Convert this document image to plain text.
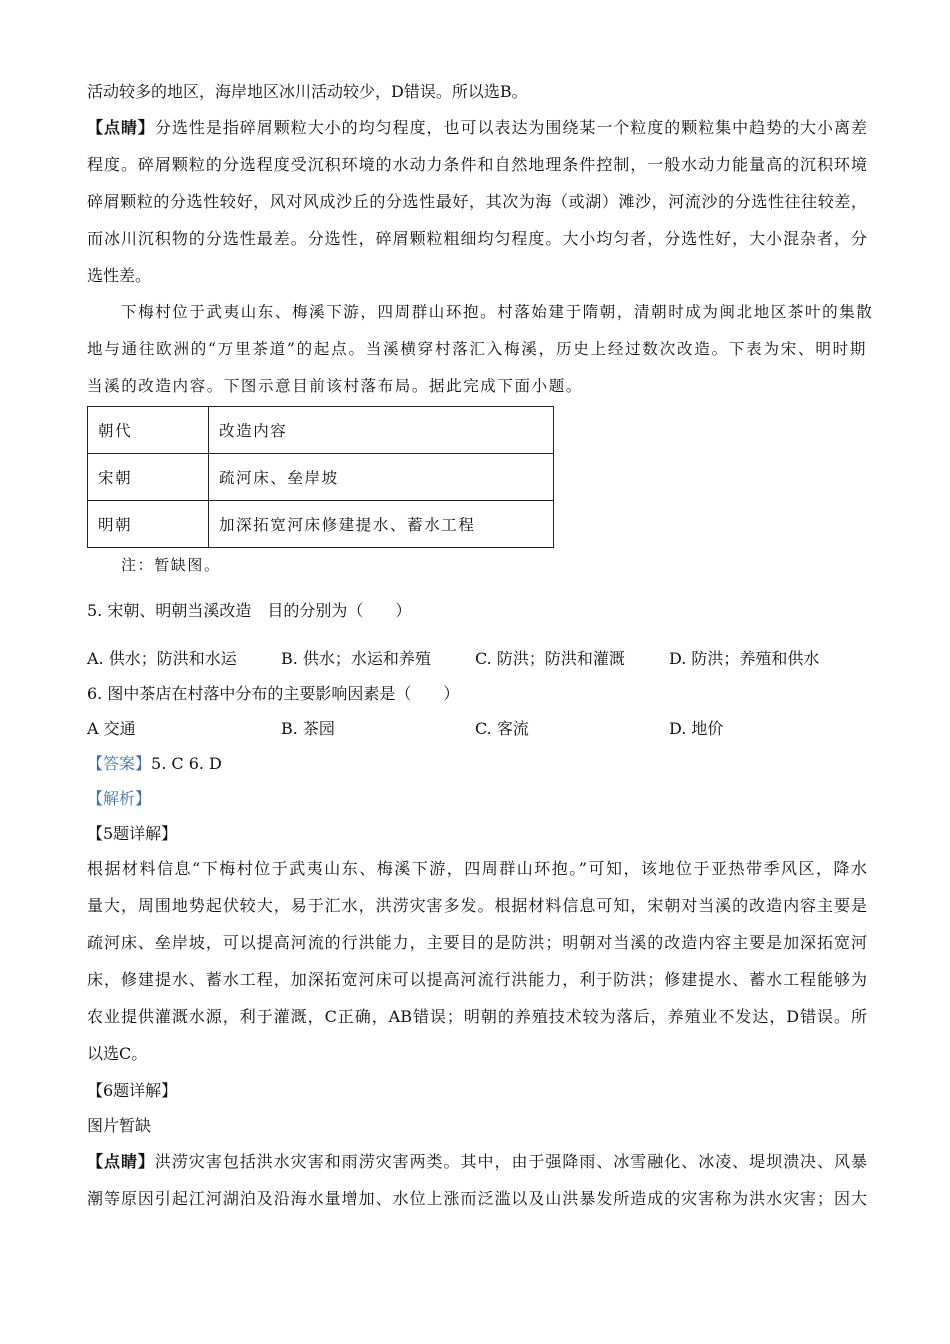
活动较多的地区，海岸地区冰川活动较少，D错误。所以选B。
【点睛】分选性是指碎屑颗粒大小的均匀程度，也可以表达为围绕某一个粒度的颗粒集中趋势的大小离差
程度。碎屑颗粒的分选程度受沉积环境的水动力条件和自然地理条件控制，一般水动力能量高的沉积环境
碎屑颗粒的分选性较好，风对风成沙丘的分选性最好，其次为海（或湖）滩沙，河流沙的分选性往往较差，
而冰川沉积物的分选性最差。分选性，碎屑颗粒粗细均匀程度。大小均匀者，分选性好，大小混杂者，分
选性差。
下梅村位于武夷山东、梅溪下游，四周群山环抱。村落始建于隋朝，清朝时成为闽北地区茶叶的集散
地与通往欧洲的“万里茶道”的起点。当溪横穿村落汇入梅溪，历史上经过数次改造。下表为宋、明时期
当溪的改造内容。下图示意目前该村落布局。据此完成下面小题。
朝代	改造内容
宋朝	疏河床、垒岸坡
明朝	加深拓宽河床修建提水、蓄水工程
注：暂缺图。
5. 宋朝、明朝当溪改造　目的分别为（　　）
A. 供水；防洪和水运	B. 供水；水运和养殖	C. 防洪；防洪和灌溉	D. 防洪；养殖和供水
6. 图中茶店在村落中分布的主要影响因素是（　　）
A 交通	B. 茶园	C. 客流	D. 地价
【答案】5. C 6. D
【解析】
【5题详解】
根据材料信息“下梅村位于武夷山东、梅溪下游，四周群山环抱。”可知，该地位于亚热带季风区，降水
量大，周围地势起伏较大，易于汇水，洪涝灾害多发。根据材料信息可知，宋朝对当溪的改造内容主要是
疏河床、垒岸坡，可以提高河流的行洪能力，主要目的是防洪；明朝对当溪的改造内容主要是加深拓宽河
床，修建提水、蓄水工程，加深拓宽河床可以提高河流行洪能力，利于防洪；修建提水、蓄水工程能够为
农业提供灌溉水源，利于灌溉，C正确，AB错误；明朝的养殖技术较为落后，养殖业不发达，D错误。所
以选C。
【6题详解】
图片暂缺
【点睛】洪涝灾害包括洪水灾害和雨涝灾害两类。其中，由于强降雨、冰雪融化、冰凌、堤坝溃决、风暴
潮等原因引起江河湖泊及沿海水量增加、水位上涨而泛滥以及山洪暴发所造成的灾害称为洪水灾害；因大
